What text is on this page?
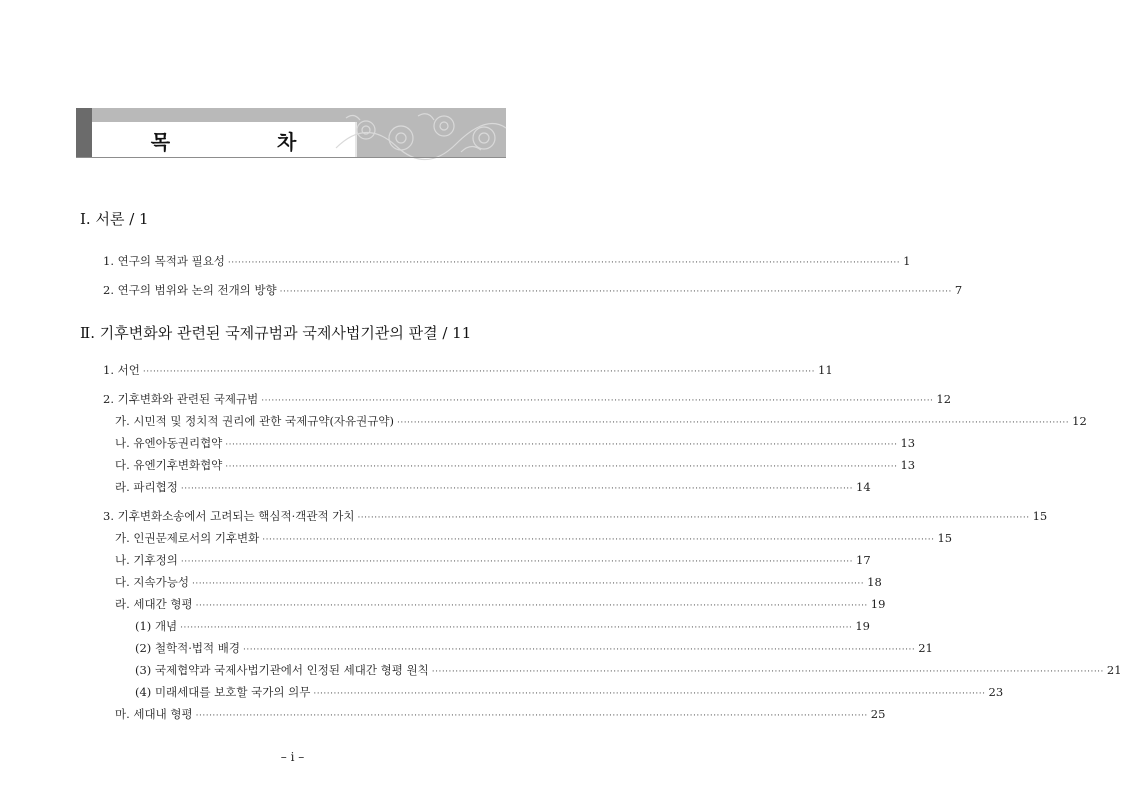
목 차
Ⅰ. 서론 / 1
1. 연구의 목적과 필요성 ········································································································································································································ 1
2. 연구의 범위와 논의 전개의 방향 ········································································································································································································ 7
Ⅱ. 기후변화와 관련된 국제규범과 국제사법기관의 판결 / 11
1. 서언 ········································································································································································································ 11
2. 기후변화와 관련된 국제규범 ········································································································································································································ 12
가. 시민적 및 정치적 권리에 관한 국제규약(자유권규약) ········································································································································································································ 12
나. 유엔아동권리협약 ········································································································································································································ 13
다. 유엔기후변화협약 ········································································································································································································ 13
라. 파리협정 ········································································································································································································ 14
3. 기후변화소송에서 고려되는 핵심적·객관적 가치 ········································································································································································································ 15
가. 인권문제로서의 기후변화 ········································································································································································································ 15
나. 기후정의 ········································································································································································································ 17
다. 지속가능성 ········································································································································································································ 18
라. 세대간 형평 ········································································································································································································ 19
(1) 개념 ········································································································································································································ 19
(2) 철학적·법적 배경 ········································································································································································································ 21
(3) 국제협약과 국제사법기관에서 인정된 세대간 형평 원칙 ········································································································································································································ 21
(4) 미래세대를 보호할 국가의 의무 ········································································································································································································ 23
마. 세대내 형평 ········································································································································································································ 25
– i –
